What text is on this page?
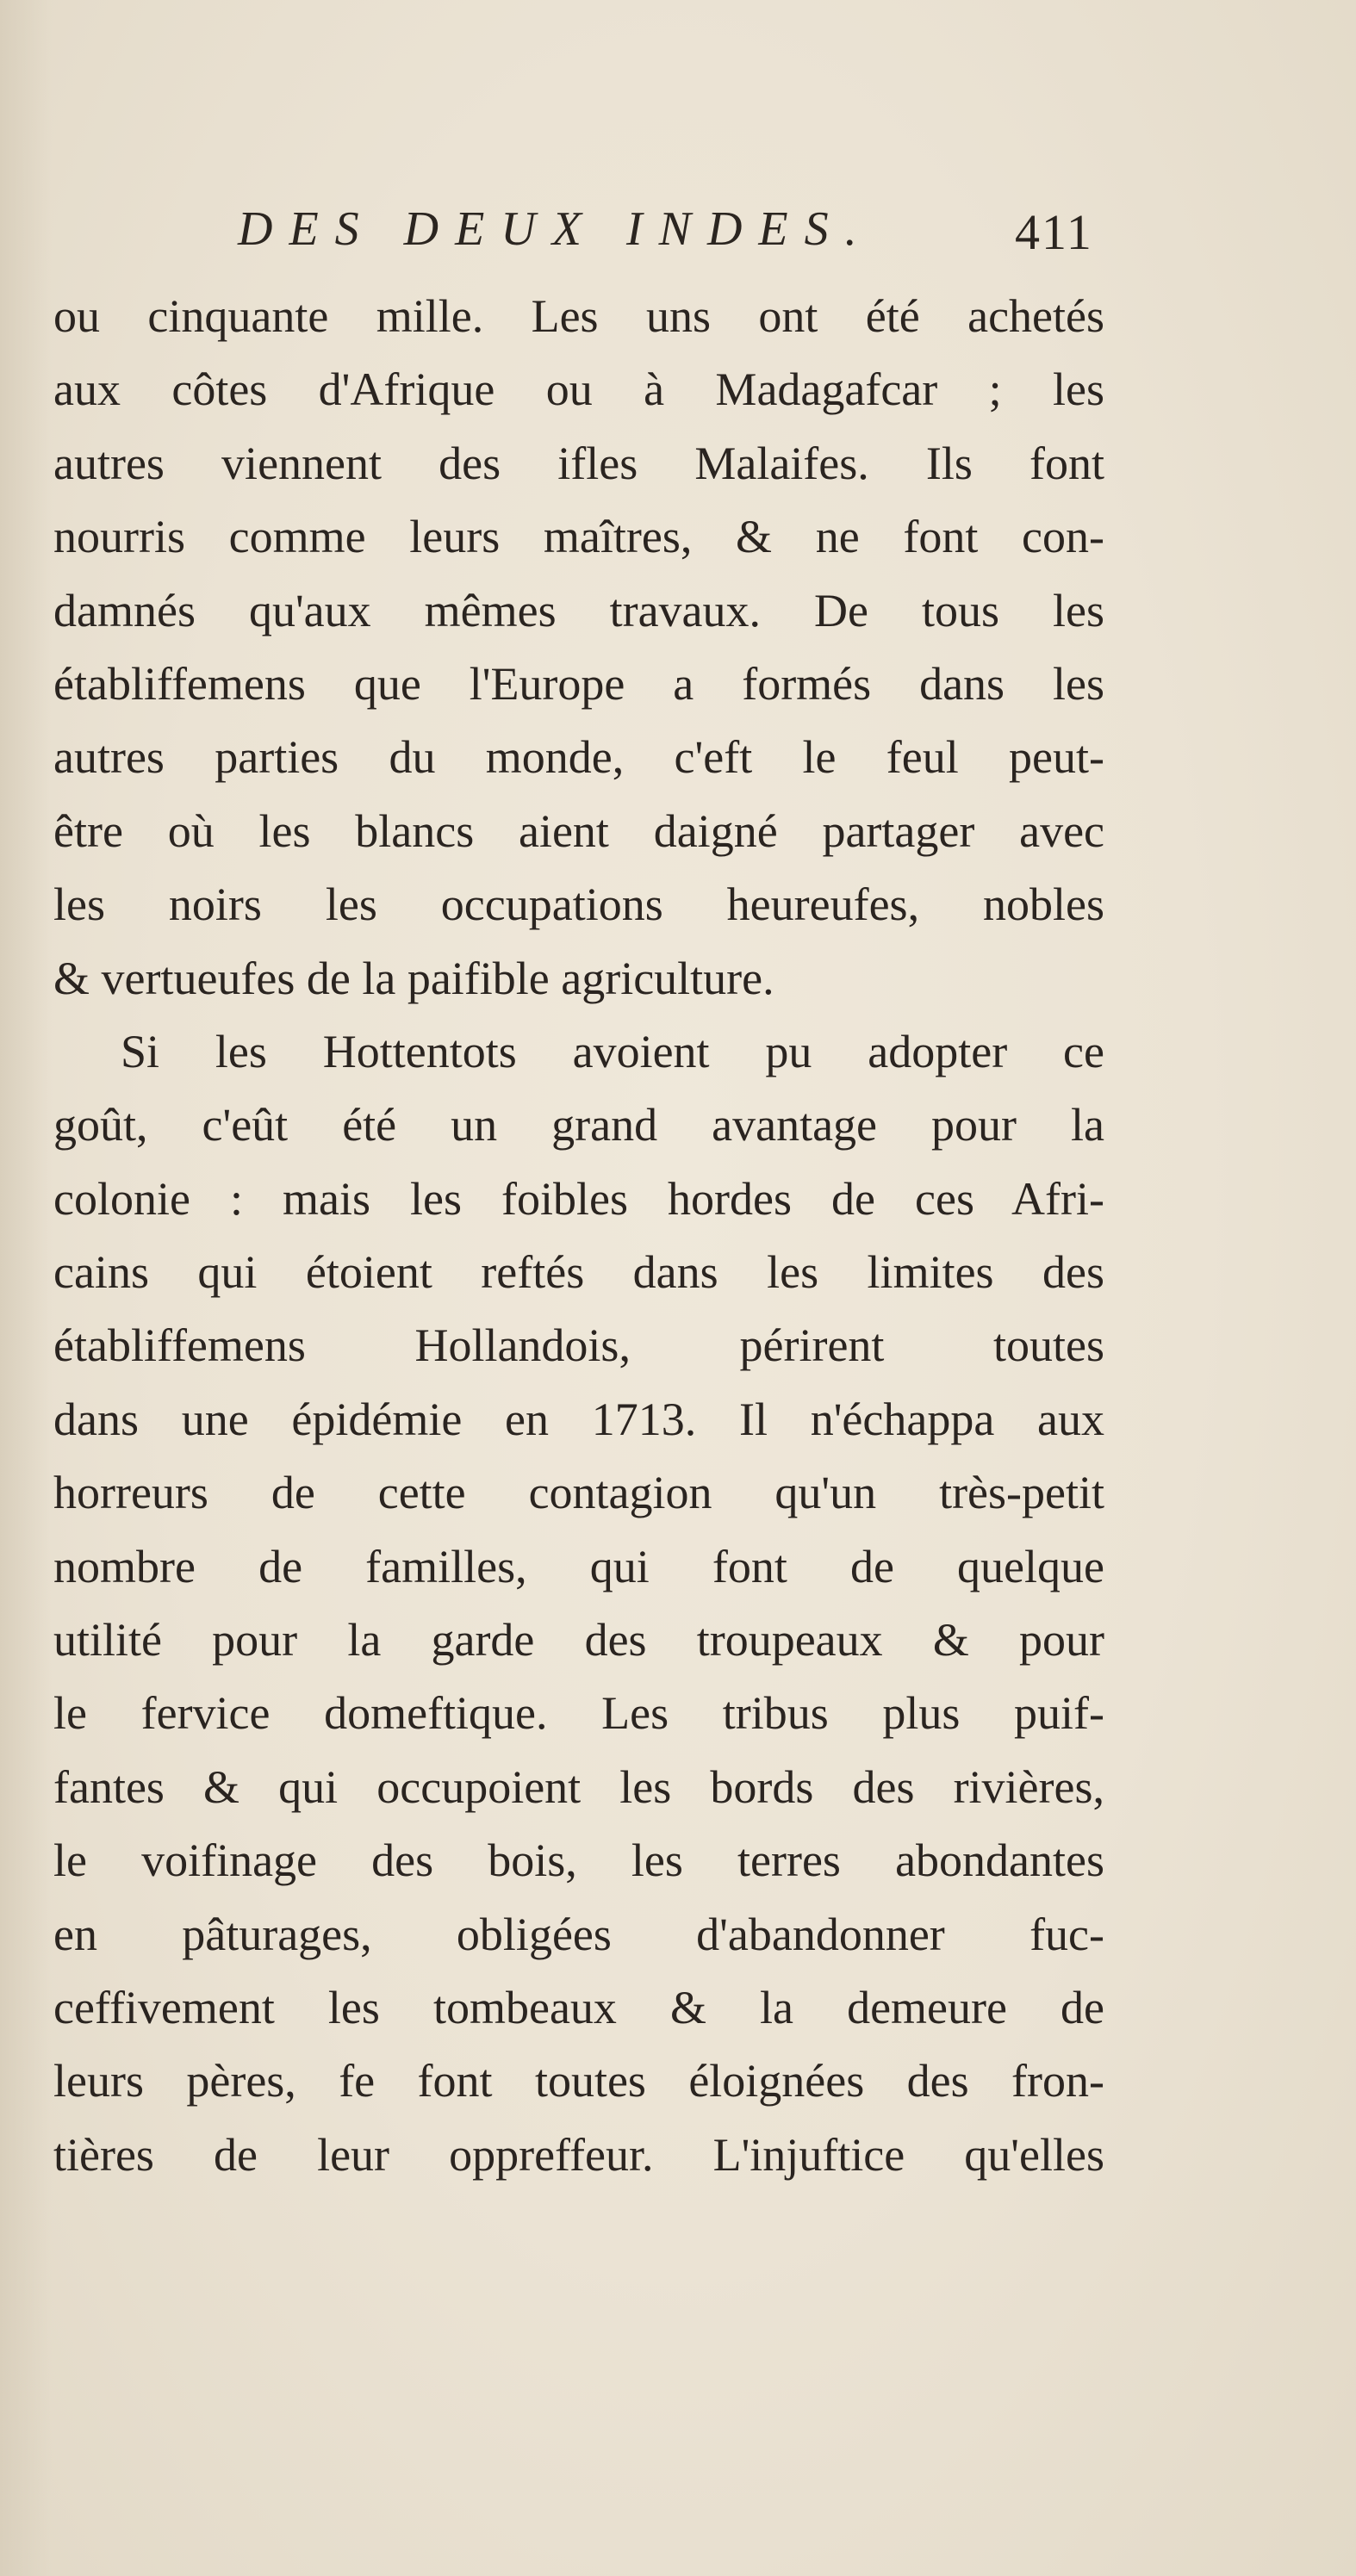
DES DEUX INDES.	411
ou cinquante mille. Les uns ont été achetés
aux côtes d'Afrique ou à Madagafcar ; les
autres viennent des ifles Malaifes. Ils font
nourris comme leurs maîtres, & ne font con-
damnés qu'aux mêmes travaux. De tous les
établiffemens que l'Europe a formés dans les
autres parties du monde, c'eft le feul peut-
être où les blancs aient daigné partager avec
les noirs les occupations heureufes, nobles
& vertueufes de la paifible agriculture.
Si les Hottentots avoient pu adopter ce
goût, c'eût été un grand avantage pour la
colonie : mais les foibles hordes de ces Afri-
cains qui étoient reftés dans les limites des
établiffemens Hollandois, périrent toutes
dans une épidémie en 1713. Il n'échappa aux
horreurs de cette contagion qu'un très-petit
nombre de familles, qui font de quelque
utilité pour la garde des troupeaux & pour
le fervice domeftique. Les tribus plus puif-
fantes & qui occupoient les bords des rivières,
le voifinage des bois, les terres abondantes
en pâturages, obligées d'abandonner fuc-
ceffivement les tombeaux & la demeure de
leurs pères, fe font toutes éloignées des fron-
tières de leur oppreffeur. L'injuftice qu'elles
